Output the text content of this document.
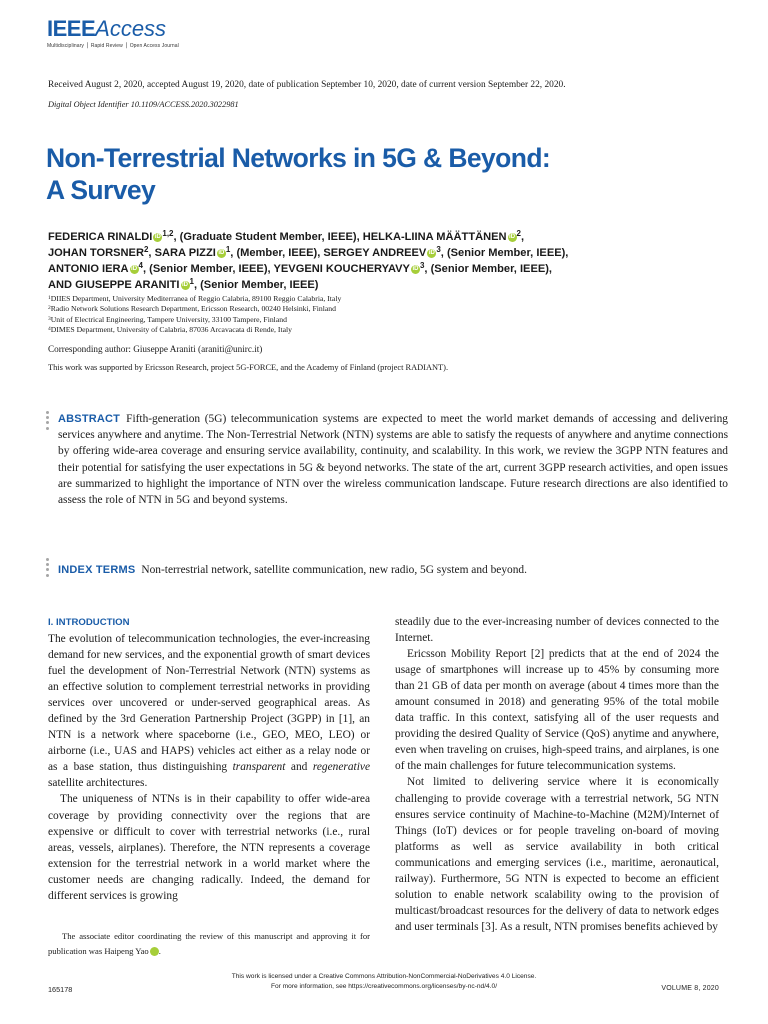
IEEEAccess
Multidisciplinary ⎪ Rapid Review ⎪ Open Access Journal
Received August 2, 2020, accepted August 19, 2020, date of publication September 10, 2020, date of current version September 22, 2020.
Digital Object Identifier 10.1109/ACCESS.2020.3022981
Non-Terrestrial Networks in 5G & Beyond:
A Survey
FEDERICA RINALDI iD $^{1,2}$, (Graduate Student Member, IEEE), HELKA-LIINA MÄÄTTÄNEN iD $^2$,
JOHAN TORSNER$^2$, SARA PIZZI iD $^1$, (Member, IEEE), SERGEY ANDREEV iD $^3$, (Senior Member, IEEE),
ANTONIO IERA iD $^4$, (Senior Member, IEEE), YEVGENI KOUCHERYAVY iD $^3$, (Senior Member, IEEE),
AND GIUSEPPE ARANITI iD $^1$, (Senior Member, IEEE)
$^1$DIIES Department, University Mediterranea of Reggio Calabria, 89100 Reggio Calabria, Italy
$^2$Radio Network Solutions Research Department, Ericsson Research, 00240 Helsinki, Finland
$^3$Unit of Electrical Engineering, Tampere University, 33100 Tampere, Finland
$^4$DIMES Department, University of Calabria, 87036 Arcavacata di Rende, Italy
Corresponding author: Giuseppe Araniti (araniti@unirc.it)
This work was supported by Ericsson Research, project 5G-FORCE, and the Academy of Finland (project RADIANT).
ABSTRACT Fifth-generation (5G) telecommunication systems are expected to meet the world market demands of accessing and delivering services anywhere and anytime. The Non-Terrestrial Network (NTN) systems are able to satisfy the requests of anywhere and anytime connections by offering wide-area coverage and ensuring service availability, continuity, and scalability. In this work, we review the 3GPP NTN features and their potential for satisfying the user expectations in 5G & beyond networks. The state of the art, current 3GPP research activities, and open issues are summarized to highlight the importance of NTN over the wireless communication landscape. Future research directions are also identified to assess the role of NTN in 5G and beyond systems.
INDEX TERMS Non-terrestrial network, satellite communication, new radio, 5G system and beyond.
I. INTRODUCTION

The evolution of telecommunication technologies, the ever-increasing demand for new services, and the exponential growth of smart devices fuel the development of Non-Terrestrial Network (NTN) systems as an effective solution to complement terrestrial networks in providing services over uncovered or under-served geographical areas. As defined by the 3rd Generation Partnership Project (3GPP) in [1], an NTN is a network where spaceborne (i.e., GEO, MEO, LEO) or airborne (i.e., UAS and HAPS) vehicles act either as a relay node or as a base station, thus distinguishing transparent and regenerative satellite architectures.

The uniqueness of NTNs is in their capability to offer wide-area coverage by providing connectivity over the regions that are expensive or difficult to cover with terrestrial networks (i.e., rural areas, vessels, airplanes). Therefore, the NTN represents a coverage extension for the terrestrial network in a world market where the customer needs are changing radically. Indeed, the demand for different services is growing

steadily due to the ever-increasing number of devices connected to the Internet.

Ericsson Mobility Report [2] predicts that at the end of 2024 the usage of smartphones will increase up to 45% by consuming more than 21 GB of data per month on average (about 4 times more than the amount consumed in 2018) and generating 95% of the total mobile data traffic. In this context, satisfying all of the user requests and providing the desired Quality of Service (QoS) anytime and anywhere, even when traveling on cruises, high-speed trains, and airplanes, is one of the main challenges for future telecommunication systems.

Not limited to delivering service where it is economically challenging to provide coverage with a terrestrial network, 5G NTN ensures service continuity of Machine-to-Machine (M2M)/Internet of Things (IoT) devices or for people traveling on-board of moving platforms as well as service availability in both critical communications and emerging services (i.e., maritime, aeronautical, railway). Furthermore, 5G NTN is expected to become an efficient solution to enable network scalability owing to the provision of multicast/broadcast resources for the delivery of data to network edges and user terminals [3]. As a result, NTN promises benefits achieved by

The associate editor coordinating the review of this manuscript and approving it for publication was Haipeng Yao	iD.

This work is licensed under a Creative Commons Attribution-NonCommercial-NoDerivatives 4.0 License.
For more information, see https://creativecommons.org/licenses/by-nc-nd/4.0/
165178	VOLUME 8, 2020
